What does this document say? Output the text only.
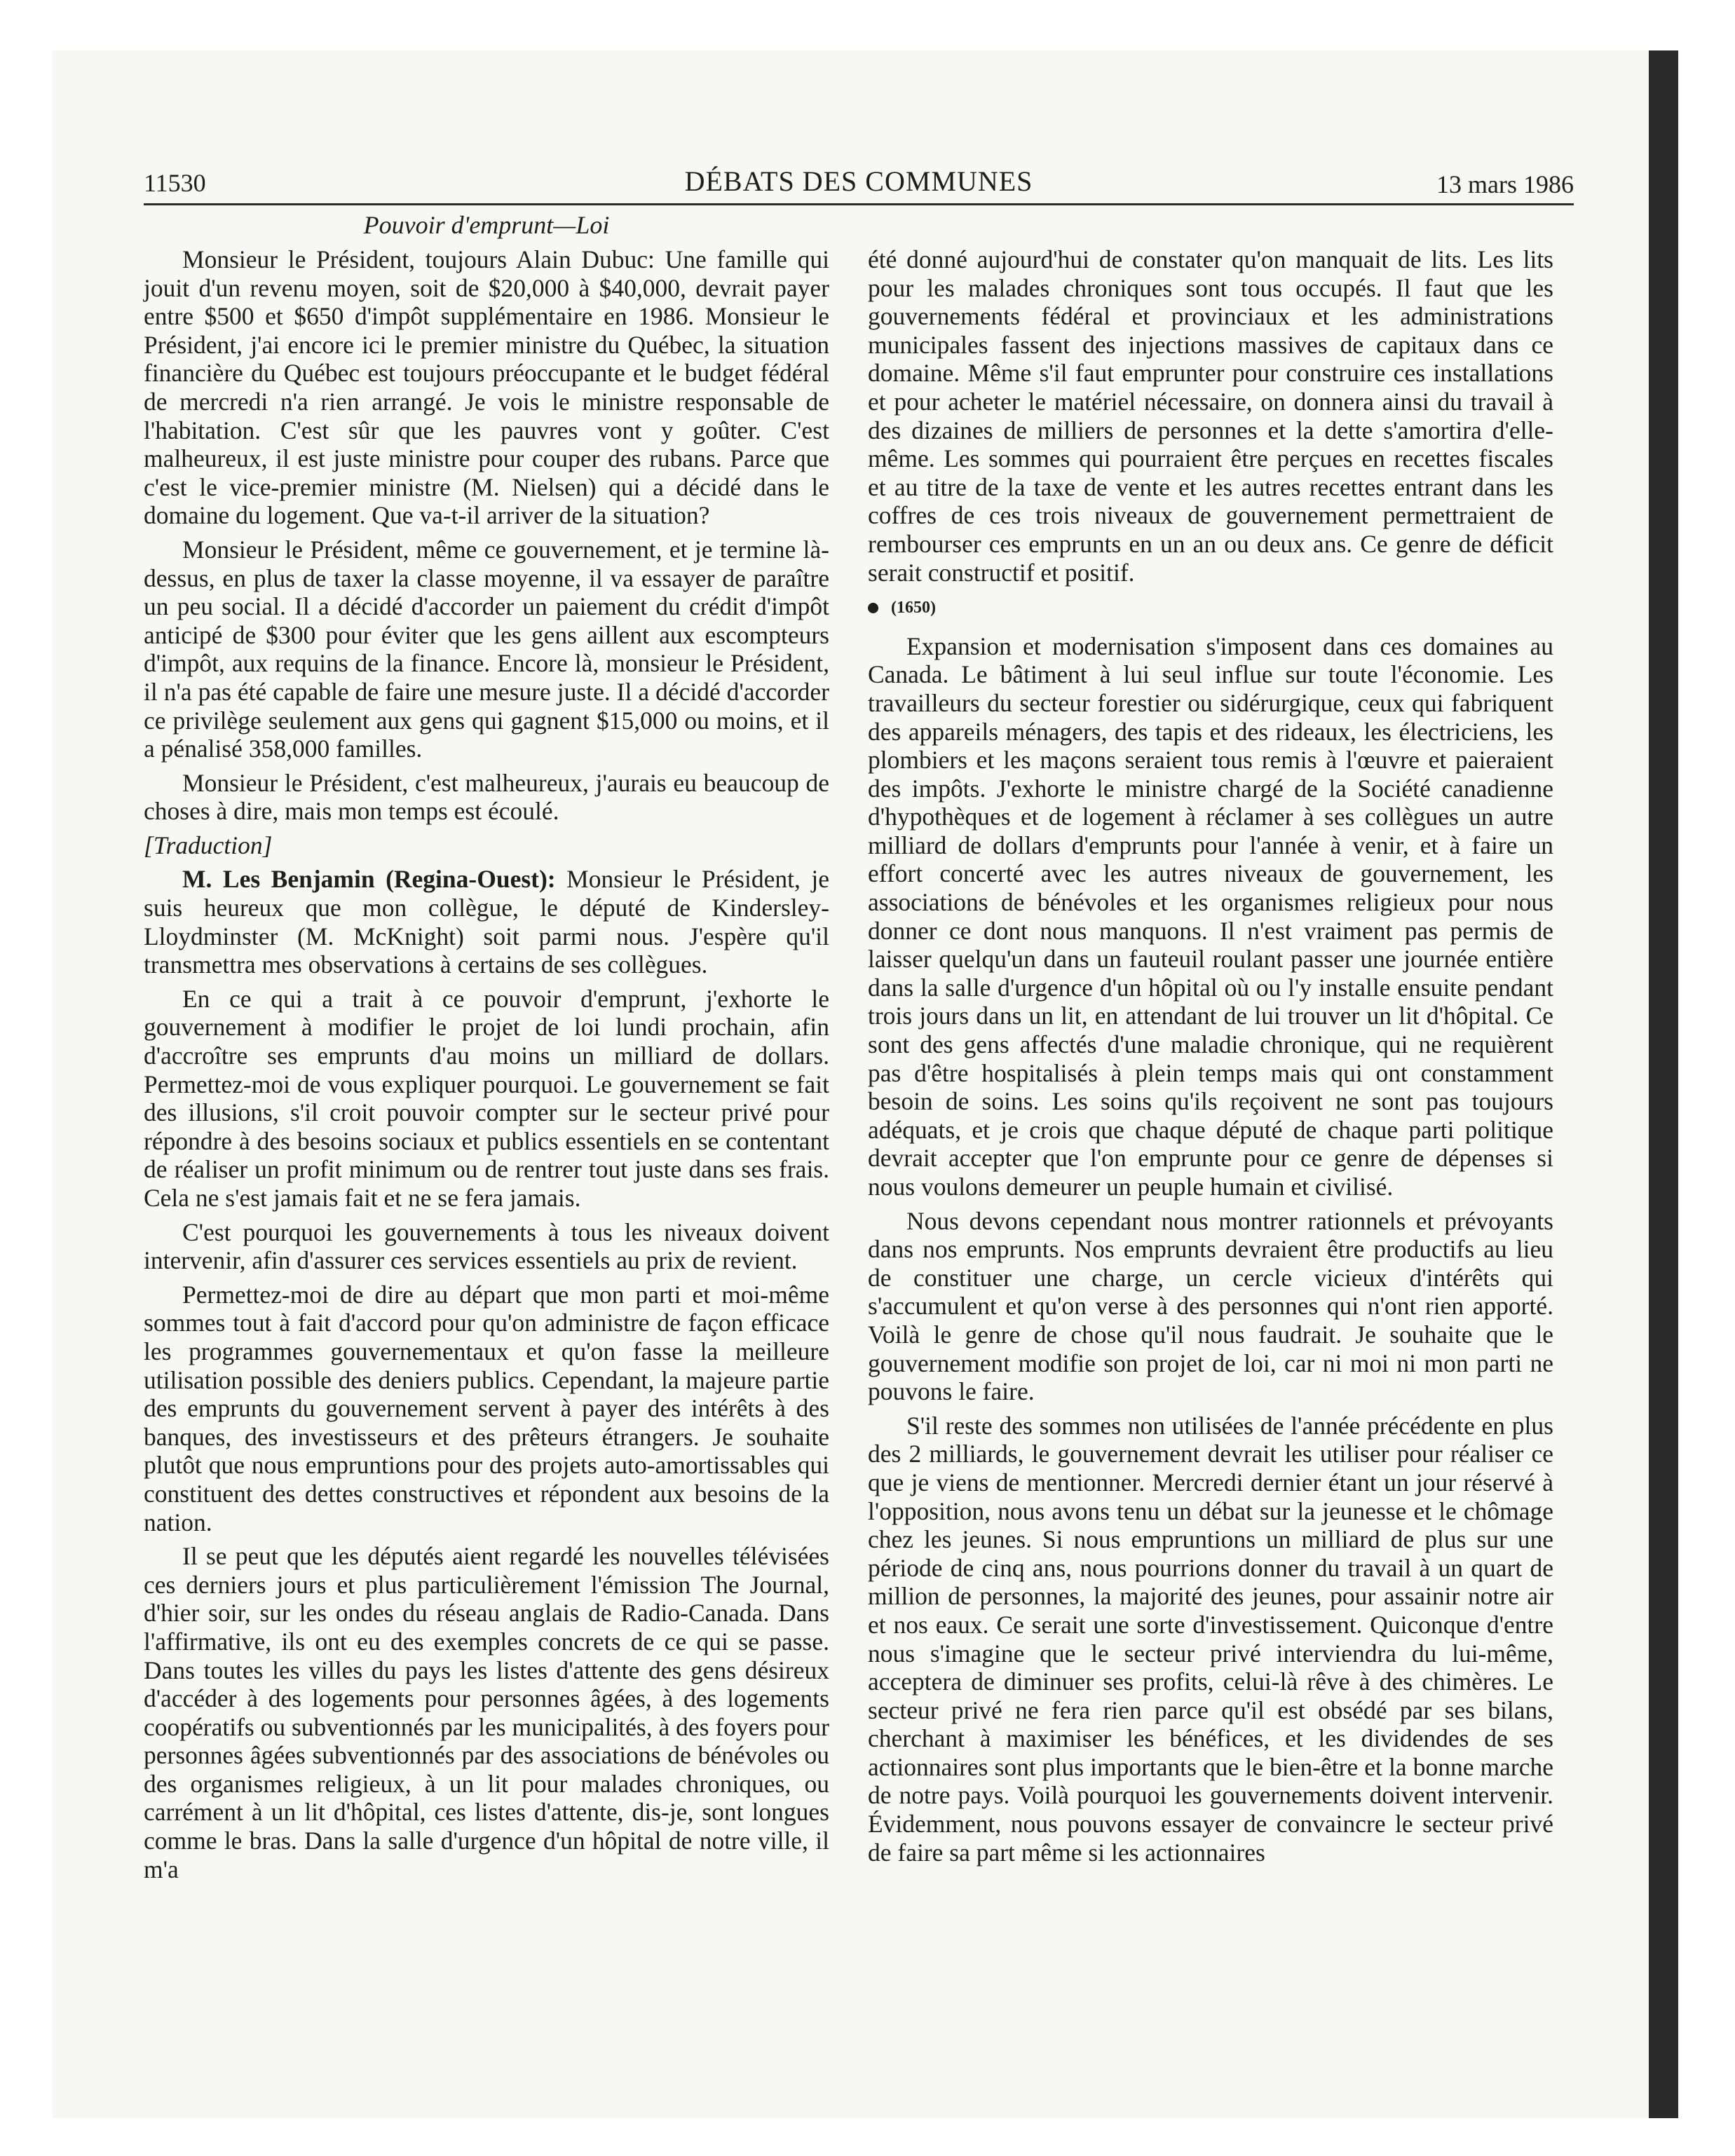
11530	DÉBATS DES COMMUNES	13 mars 1986
Pouvoir d'emprunt—Loi

Monsieur le Président, toujours Alain Dubuc: Une famille qui jouit d'un revenu moyen, soit de $20,000 à $40,000, devrait payer entre $500 et $650 d'impôt supplémentaire en 1986. Monsieur le Président, j'ai encore ici le premier ministre du Québec, la situation financière du Québec est toujours préoccupante et le budget fédéral de mercredi n'a rien arrangé. Je vois le ministre responsable de l'habitation. C'est sûr que les pauvres vont y goûter. C'est malheureux, il est juste ministre pour couper des rubans. Parce que c'est le vice-premier ministre (M. Nielsen) qui a décidé dans le domaine du logement. Que va-t-il arriver de la situation?

Monsieur le Président, même ce gouvernement, et je termine là-dessus, en plus de taxer la classe moyenne, il va essayer de paraître un peu social. Il a décidé d'accorder un paiement du crédit d'impôt anticipé de $300 pour éviter que les gens aillent aux escompteurs d'impôt, aux requins de la finance. Encore là, monsieur le Président, il n'a pas été capable de faire une mesure juste. Il a décidé d'accorder ce privilège seulement aux gens qui gagnent $15,000 ou moins, et il a pénalisé 358,000 familles.

Monsieur le Président, c'est malheureux, j'aurais eu beaucoup de choses à dire, mais mon temps est écoulé.

[Traduction]

M. Les Benjamin (Regina-Ouest): Monsieur le Président, je suis heureux que mon collègue, le député de Kindersley-Lloydminster (M. McKnight) soit parmi nous. J'espère qu'il transmettra mes observations à certains de ses collègues.

En ce qui a trait à ce pouvoir d'emprunt, j'exhorte le gouvernement à modifier le projet de loi lundi prochain, afin d'accroître ses emprunts d'au moins un milliard de dollars. Permettez-moi de vous expliquer pourquoi. Le gouvernement se fait des illusions, s'il croit pouvoir compter sur le secteur privé pour répondre à des besoins sociaux et publics essentiels en se contentant de réaliser un profit minimum ou de rentrer tout juste dans ses frais. Cela ne s'est jamais fait et ne se fera jamais.

C'est pourquoi les gouvernements à tous les niveaux doivent intervenir, afin d'assurer ces services essentiels au prix de revient.

Permettez-moi de dire au départ que mon parti et moi-même sommes tout à fait d'accord pour qu'on administre de façon efficace les programmes gouvernementaux et qu'on fasse la meilleure utilisation possible des deniers publics. Cependant, la majeure partie des emprunts du gouvernement servent à payer des intérêts à des banques, des investisseurs et des prêteurs étrangers. Je souhaite plutôt que nous empruntions pour des projets auto-amortissables qui constituent des dettes constructives et répondent aux besoins de la nation.

Il se peut que les députés aient regardé les nouvelles télévisées ces derniers jours et plus particulièrement l'émission The Journal, d'hier soir, sur les ondes du réseau anglais de Radio-Canada. Dans l'affirmative, ils ont eu des exemples concrets de ce qui se passe. Dans toutes les villes du pays les listes d'attente des gens désireux d'accéder à des logements pour personnes âgées, à des logements coopératifs ou subventionnés par les municipalités, à des foyers pour personnes âgées subventionnés par des associations de bénévoles ou des organismes religieux, à un lit pour malades chroniques, ou carrément à un lit d'hôpital, ces listes d'attente, dis-je, sont longues comme le bras. Dans la salle d'urgence d'un hôpital de notre ville, il m'a

été donné aujourd'hui de constater qu'on manquait de lits. Les lits pour les malades chroniques sont tous occupés. Il faut que les gouvernements fédéral et provinciaux et les administrations municipales fassent des injections massives de capitaux dans ce domaine. Même s'il faut emprunter pour construire ces installations et pour acheter le matériel nécessaire, on donnera ainsi du travail à des dizaines de milliers de personnes et la dette s'amortira d'elle-même. Les sommes qui pourraient être perçues en recettes fiscales et au titre de la taxe de vente et les autres recettes entrant dans les coffres de ces trois niveaux de gouvernement permettraient de rembourser ces emprunts en un an ou deux ans. Ce genre de déficit serait constructif et positif.

(1650)

Expansion et modernisation s'imposent dans ces domaines au Canada. Le bâtiment à lui seul influe sur toute l'économie. Les travailleurs du secteur forestier ou sidérurgique, ceux qui fabriquent des appareils ménagers, des tapis et des rideaux, les électriciens, les plombiers et les maçons seraient tous remis à l'œuvre et paieraient des impôts. J'exhorte le ministre chargé de la Société canadienne d'hypothèques et de logement à réclamer à ses collègues un autre milliard de dollars d'emprunts pour l'année à venir, et à faire un effort concerté avec les autres niveaux de gouvernement, les associations de bénévoles et les organismes religieux pour nous donner ce dont nous manquons. Il n'est vraiment pas permis de laisser quelqu'un dans un fauteuil roulant passer une journée entière dans la salle d'urgence d'un hôpital où ou l'y installe ensuite pendant trois jours dans un lit, en attendant de lui trouver un lit d'hôpital. Ce sont des gens affectés d'une maladie chronique, qui ne requièrent pas d'être hospitalisés à plein temps mais qui ont constamment besoin de soins. Les soins qu'ils reçoivent ne sont pas toujours adéquats, et je crois que chaque député de chaque parti politique devrait accepter que l'on emprunte pour ce genre de dépenses si nous voulons demeurer un peuple humain et civilisé.

Nous devons cependant nous montrer rationnels et prévoyants dans nos emprunts. Nos emprunts devraient être productifs au lieu de constituer une charge, un cercle vicieux d'intérêts qui s'accumulent et qu'on verse à des personnes qui n'ont rien apporté. Voilà le genre de chose qu'il nous faudrait. Je souhaite que le gouvernement modifie son projet de loi, car ni moi ni mon parti ne pouvons le faire.

S'il reste des sommes non utilisées de l'année précédente en plus des 2 milliards, le gouvernement devrait les utiliser pour réaliser ce que je viens de mentionner. Mercredi dernier étant un jour réservé à l'opposition, nous avons tenu un débat sur la jeunesse et le chômage chez les jeunes. Si nous empruntions un milliard de plus sur une période de cinq ans, nous pourrions donner du travail à un quart de million de personnes, la majorité des jeunes, pour assainir notre air et nos eaux. Ce serait une sorte d'investissement. Quiconque d'entre nous s'imagine que le secteur privé interviendra du lui-même, acceptera de diminuer ses profits, celui-là rêve à des chimères. Le secteur privé ne fera rien parce qu'il est obsédé par ses bilans, cherchant à maximiser les bénéfices, et les dividendes de ses actionnaires sont plus importants que le bien-être et la bonne marche de notre pays. Voilà pourquoi les gouvernements doivent intervenir. Évidemment, nous pouvons essayer de convaincre le secteur privé de faire sa part même si les actionnaires
